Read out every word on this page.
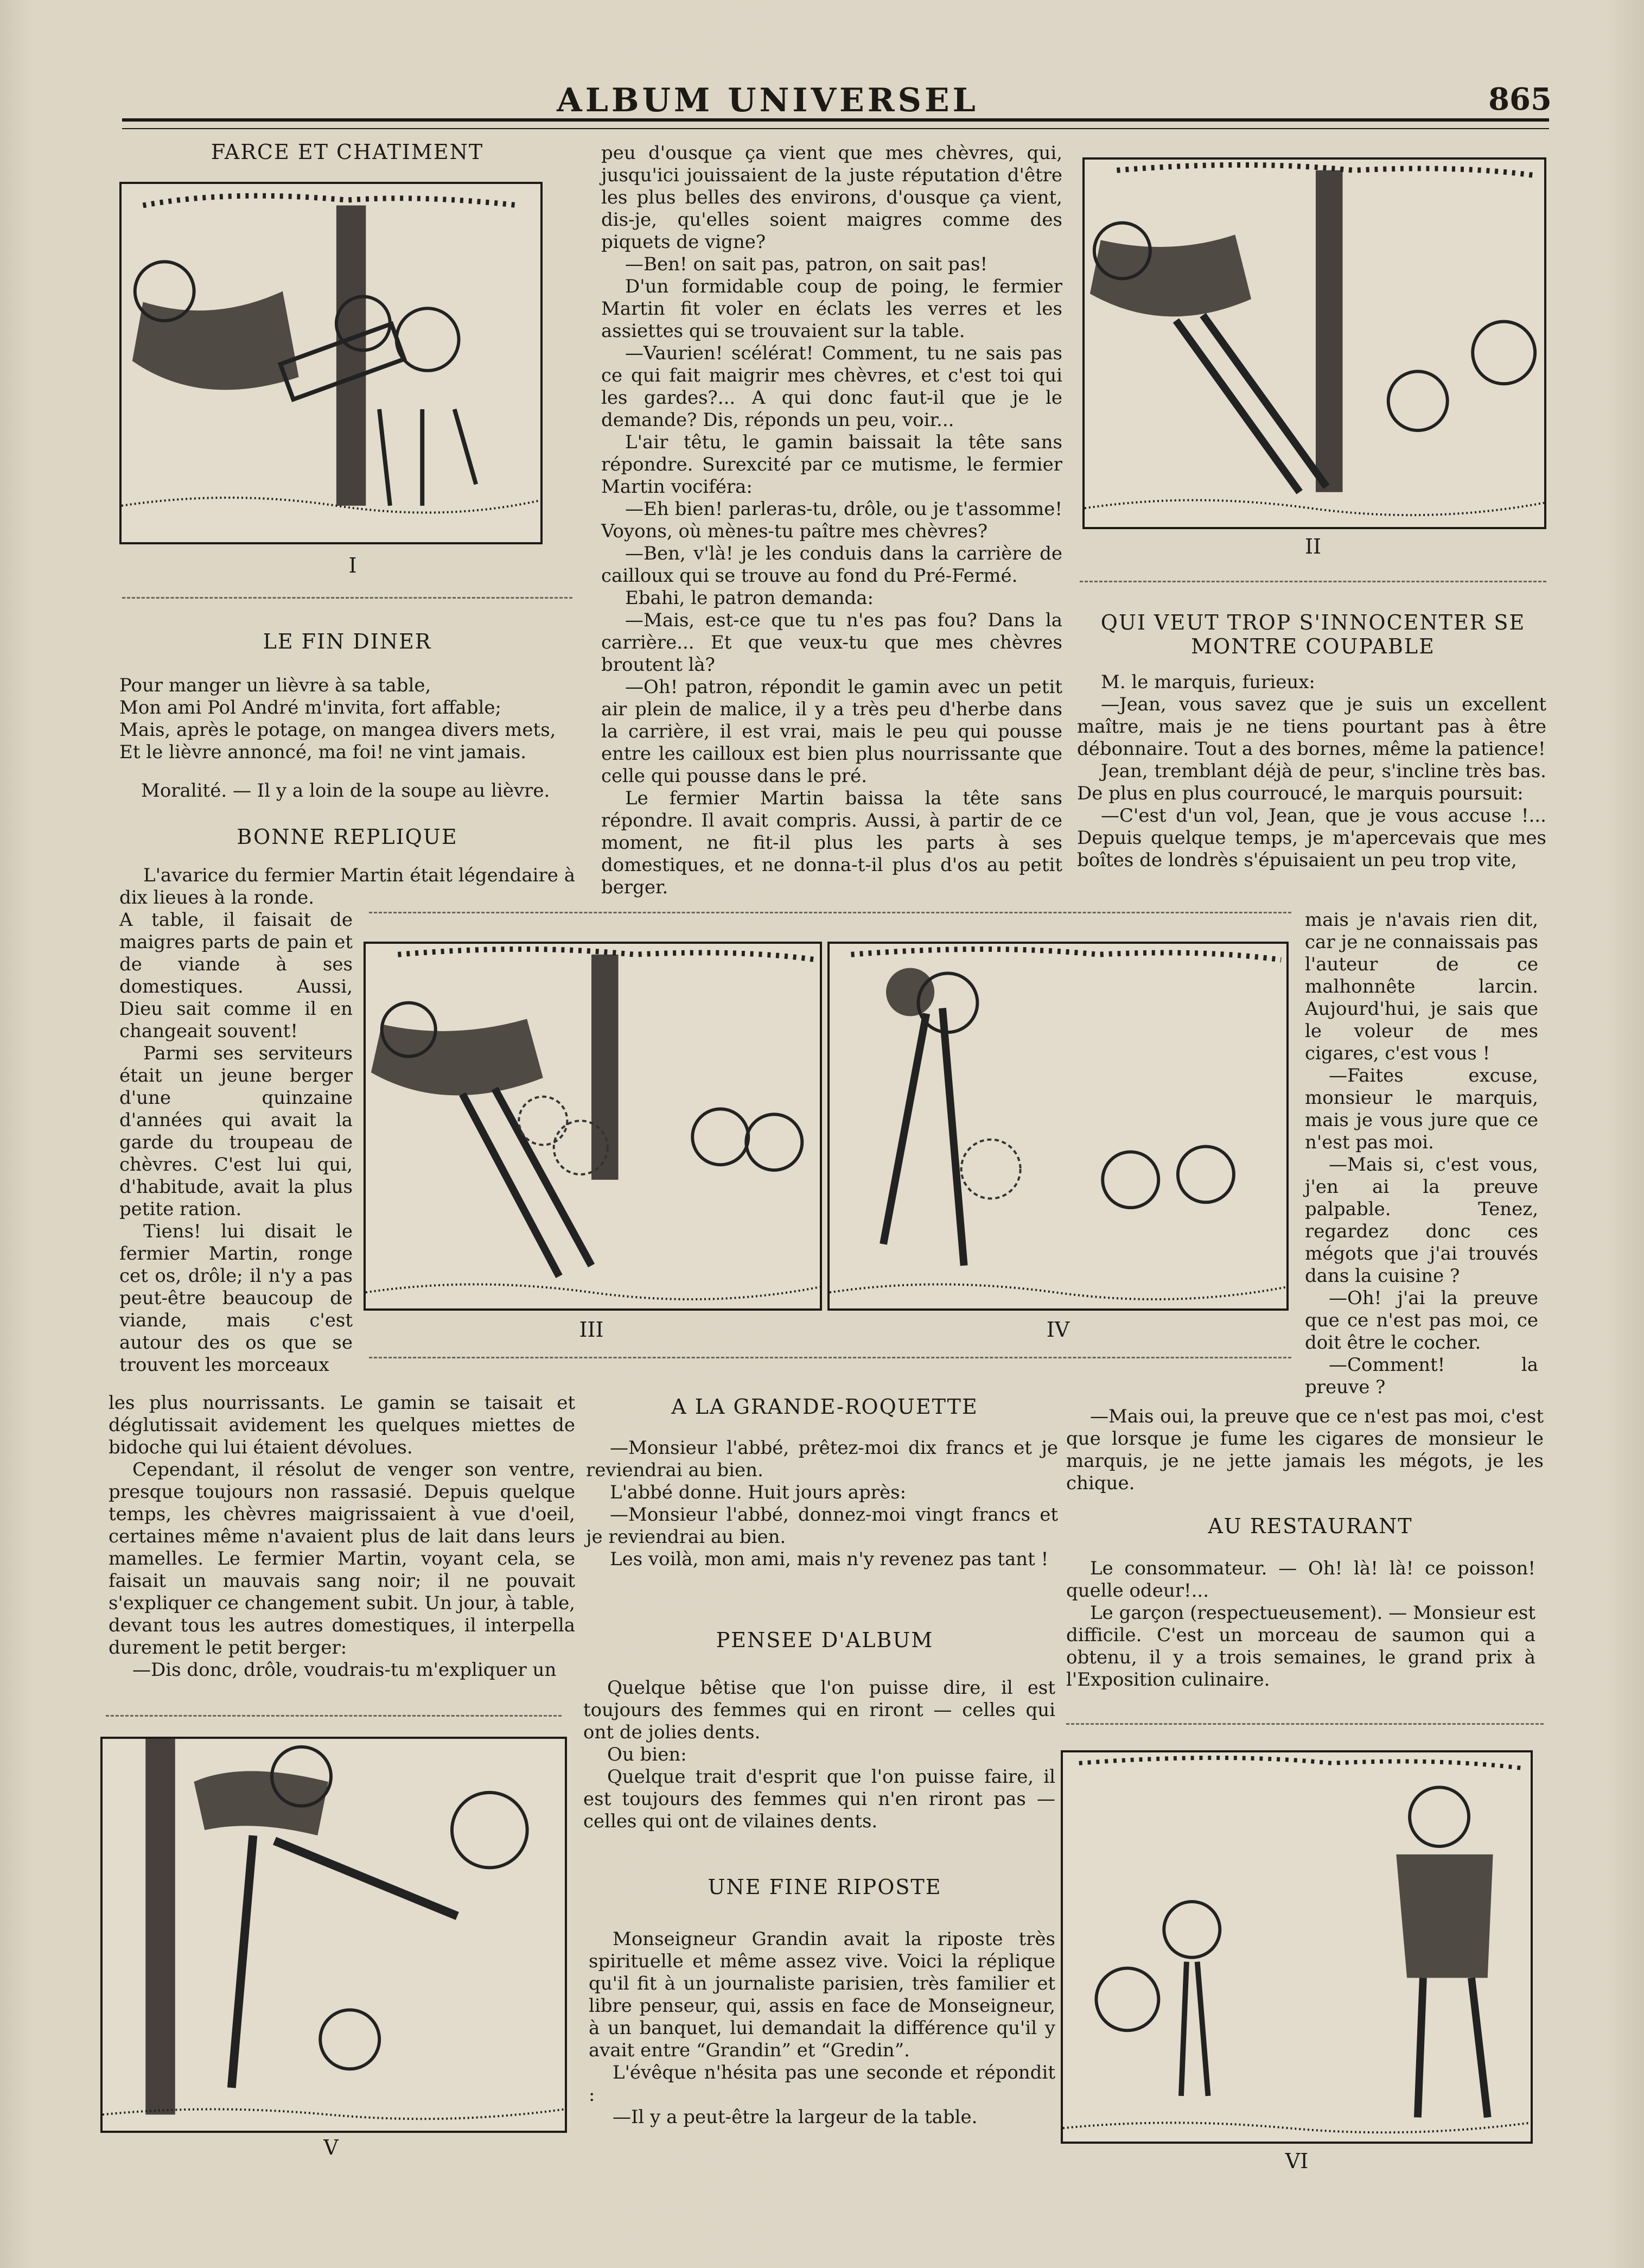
ALBUM UNIVERSEL	865
FARCE ET CHATIMENT
I
LE FIN DINER
Pour manger un lièvre à sa table,
Mon ami Pol André m'invita, fort affable;
Mais, après le potage, on mangea divers mets,
Et le lièvre annoncé, ma foi! ne vint jamais.
Moralité. — Il y a loin de la soupe au lièvre.
BONNE REPLIQUE

L'avarice du fermier Martin était légendaire à dix lieues à la ronde.

A table, il faisait de maigres parts de pain et de viande à ses domestiques. Aussi, Dieu sait comme il en changeait souvent!

Parmi ses serviteurs était un jeune berger d'une quinzaine d'années qui avait la garde du troupeau de chèvres. C'est lui qui, d'habitude, avait la plus petite ration.

Tiens! lui disait le fermier Martin, ronge cet os, drôle; il n'y a pas peut-être beaucoup de viande, mais c'est autour des os que se trouvent les morceaux

les plus nourrissants. Le gamin se taisait et déglutissait avidement les quelques miettes de bidoche qui lui étaient dévolues.

Cependant, il résolut de venger son ventre, presque toujours non rassasié. Depuis quelque temps, les chèvres maigrissaient à vue d'oeil, certaines même n'avaient plus de lait dans leurs mamelles. Le fermier Martin, voyant cela, se faisait un mauvais sang noir; il ne pouvait s'expliquer ce changement subit. Un jour, à table, devant tous les autres domestiques, il interpella durement le petit berger:

—Dis donc, drôle, voudrais-tu m'expliquer un

peu d'ousque ça vient que mes chèvres, qui, jusqu'ici jouissaient de la juste réputation d'être les plus belles des environs, d'ousque ça vient, dis-je, qu'elles soient maigres comme des piquets de vigne?

—Ben! on sait pas, patron, on sait pas!

D'un formidable coup de poing, le fermier Martin fit voler en éclats les verres et les assiettes qui se trouvaient sur la table.

—Vaurien! scélérat! Comment, tu ne sais pas ce qui fait maigrir mes chèvres, et c'est toi qui les gardes?... A qui donc faut-il que je le demande? Dis, réponds un peu, voir...

L'air têtu, le gamin baissait la tête sans répondre. Surexcité par ce mutisme, le fermier Martin vociféra:

—Eh bien! parleras-tu, drôle, ou je t'assomme! Voyons, où mènes-tu paître mes chèvres?

—Ben, v'là! je les conduis dans la carrière de cailloux qui se trouve au fond du Pré-Fermé.

Ebahi, le patron demanda:

—Mais, est-ce que tu n'es pas fou? Dans la carrière... Et que veux-tu que mes chèvres broutent là?

—Oh! patron, répondit le gamin avec un petit air plein de malice, il y a très peu d'herbe dans la carrière, il est vrai, mais le peu qui pousse entre les cailloux est bien plus nourrissante que celle qui pousse dans le pré.

Le fermier Martin baissa la tête sans répondre. Il avait compris. Aussi, à partir de ce moment, ne fit-il plus les parts à ses domestiques, et ne donna-t-il plus d'os au petit berger.

II
QUI VEUT TROP S'INNOCENTER SE
MONTRE COUPABLE

M. le marquis, furieux:

—Jean, vous savez que je suis un excellent maître, mais je ne tiens pourtant pas à être débonnaire. Tout a des bornes, même la patience!

Jean, tremblant déjà de peur, s'incline très bas. De plus en plus courroucé, le marquis poursuit:

—C'est d'un vol, Jean, que je vous accuse !... Depuis quelque temps, je m'apercevais que mes boîtes de londrès s'épuisaient un peu trop vite,

mais je n'avais rien dit, car je ne connaissais pas l'auteur de ce malhonnête larcin. Aujourd'hui, je sais que le voleur de mes cigares, c'est vous !

—Faites excuse, monsieur le marquis, mais je vous jure que ce n'est pas moi.

—Mais si, c'est vous, j'en ai la preuve palpable. Tenez, regardez donc ces mégots que j'ai trouvés dans la cuisine ?

—Oh! j'ai la preuve que ce n'est pas moi, ce doit être le cocher.

—Comment! la preuve ?

—Mais oui, la preuve que ce n'est pas moi, c'est que lorsque je fume les cigares de monsieur le marquis, je ne jette jamais les mégots, je les chique.

III	IV
A LA GRANDE-ROQUETTE

—Monsieur l'abbé, prêtez-moi dix francs et je reviendrai au bien.

L'abbé donne. Huit jours après:

—Monsieur l'abbé, donnez-moi vingt francs et je reviendrai au bien.

Les voilà, mon ami, mais n'y revenez pas tant !

PENSEE D'ALBUM

Quelque bêtise que l'on puisse dire, il est toujours des femmes qui en riront — celles qui ont de jolies dents.

Ou bien:

Quelque trait d'esprit que l'on puisse faire, il est toujours des femmes qui n'en riront pas — celles qui ont de vilaines dents.

UNE FINE RIPOSTE

Monseigneur Grandin avait la riposte très spirituelle et même assez vive. Voici la réplique qu'il fit à un journaliste parisien, très familier et libre penseur, qui, assis en face de Monseigneur, à un banquet, lui demandait la différence qu'il y avait entre “Grandin” et “Gredin”.

L'évêque n'hésita pas une seconde et répondit :

—Il y a peut-être la largeur de la table.

AU RESTAURANT

Le consommateur. — Oh! là! là! ce poisson! quelle odeur!...

Le garçon (respectueusement). — Monsieur est difficile. C'est un morceau de saumon qui a obtenu, il y a trois semaines, le grand prix à l'Exposition culinaire.

V
VI
